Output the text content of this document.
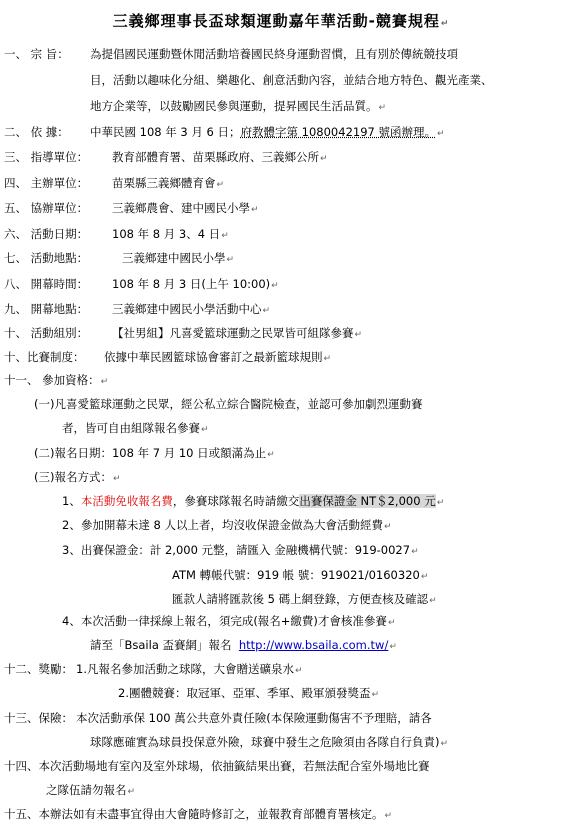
三義鄉理事長盃球類運動嘉年華活動-競賽規程↵
一、 宗 旨： 為提倡國民運動暨休閒活動培養國民終身運動習慣，且有別於傳統競技項
目，活動以趣味化分組、樂趣化、創意活動內容，並結合地方特色、觀光產業、
地方企業等，以鼓勵國民參與運動，提昇國民生活品質。↵
二、 依 據： 中華民國 108 年 3 月 6 日；府教體字第 1080042197 號函辦理。↵
三、 指導單位： 教育部體育署、苗栗縣政府、三義鄉公所↵
四、 主辦單位： 苗栗縣三義鄉體育會↵
五、 協辦單位： 三義鄉農會、建中國民小學↵
六、 活動日期： 108 年 8 月 3、4 日↵
七、 活動地點：	三義鄉建中國民小學↵
八、 開幕時間： 108 年 8 月 3 日(上午 10:00)↵
九、 開幕地點： 三義鄉建中國民小學活動中心↵
十、 活動組別： 【社男組】凡喜愛籃球運動之民眾皆可組隊參賽↵
十、比賽制度： 依據中華民國籃球協會審訂之最新籃球規則↵
十一、 參加資格：↵
(一)凡喜愛籃球運動之民眾，經公私立綜合醫院檢查，並認可參加劇烈運動賽
者，皆可自由組隊報名參賽↵
(二)報名日期：108 年 7 月 10 日或額滿為止↵
(三)報名方式：↵
1、本活動免收報名費，參賽球隊報名時請繳交出賽保證金 NT＄2,000 元↵
2、參加開幕未達 8 人以上者，均沒收保證金做為大會活動經費↵
3、出賽保證金：計 2,000 元整，請匯入 金融機構代號：919-0027↵
ATM 轉帳代號：919 帳 號：919021/0160320↵
匯款人請將匯款後 5 碼上網登錄，方便查核及確認↵
4、本次活動一律採線上報名，須完成(報名+繳費)才會核准參賽↵
請至「Bsaila 盃賽網」報名 http://www.bsaila.com.tw/↵
十二、獎勵： 1.凡報名參加活動之球隊，大會贈送礦泉水↵
2.團體競賽：取冠軍、亞軍、季軍、殿軍頒發獎盃↵
十三、保險： 本次活動承保 100 萬公共意外責任險(本保險運動傷害不予理賠，請各
球隊應確實為球員投保意外險，球賽中發生之危險須由各隊自行負責)↵
十四、本次活動場地有室內及室外球場，依抽籤結果出賽，若無法配合室外場地比賽
之隊伍請勿報名↵
十五、本辦法如有未盡事宜得由大會隨時修訂之，並報教育部體育署核定。↵
